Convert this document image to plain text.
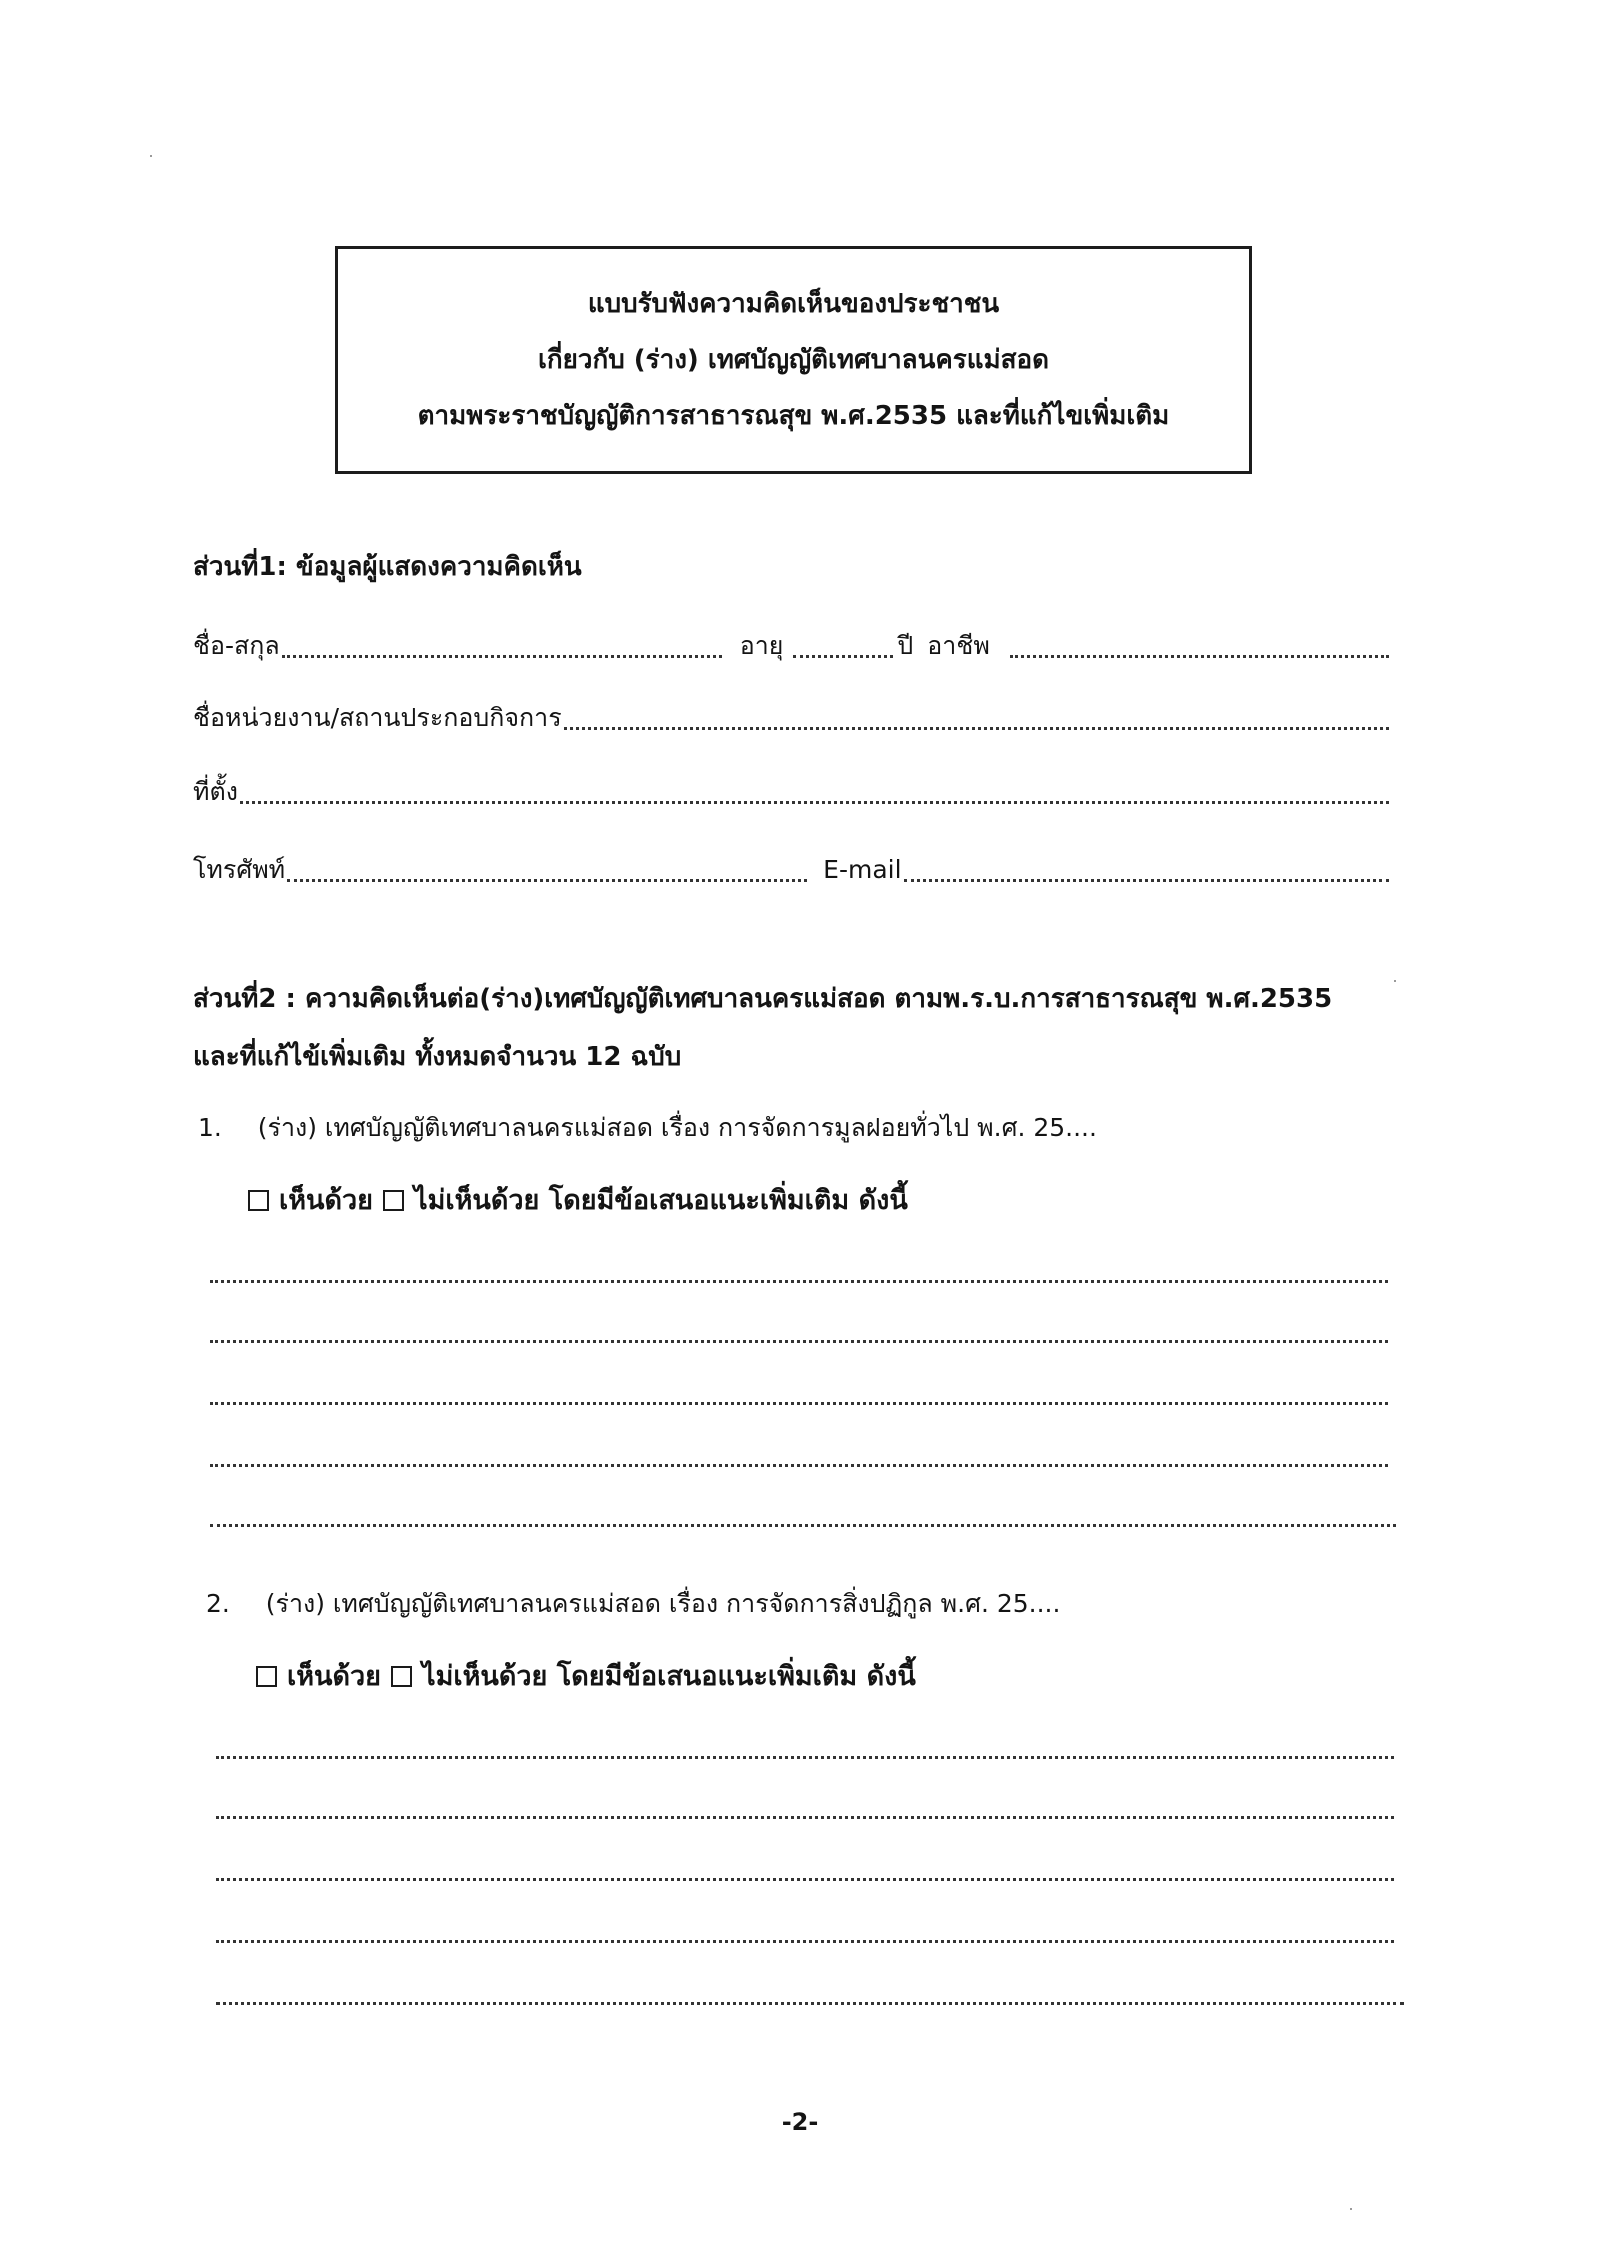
แบบรับฟังความคิดเห็นของประชาชน
เกี่ยวกับ (ร่าง) เทศบัญญัติเทศบาลนครแม่สอด
ตามพระราชบัญญัติการสาธารณสุข พ.ศ.2535 และที่แก้ไขเพิ่มเติม
ส่วนที่1: ข้อมูลผู้แสดงความคิดเห็น
ชื่อ-สกุล	อายุ	ปี อาชีพ
ชื่อหน่วยงาน/สถานประกอบกิจการ
ที่ตั้ง
โทรศัพท์	E-mail
ส่วนที่2 : ความคิดเห็นต่อ(ร่าง)เทศบัญญัติเทศบาลนครแม่สอด ตามพ.ร.บ.การสาธารณสุข พ.ศ.2535
และที่แก้ไข้เพิ่มเติม ทั้งหมดจำนวน 12 ฉบับ
1. (ร่าง) เทศบัญญัติเทศบาลนครแม่สอด เรื่อง การจัดการมูลฝอยทั่วไป พ.ศ. 25....
เห็นด้วย ไม่เห็นด้วย โดยมีข้อเสนอแนะเพิ่มเติม ดังนี้
2. (ร่าง) เทศบัญญัติเทศบาลนครแม่สอด เรื่อง การจัดการสิ่งปฏิกูล พ.ศ. 25....
เห็นด้วย ไม่เห็นด้วย โดยมีข้อเสนอแนะเพิ่มเติม ดังนี้
-2-
